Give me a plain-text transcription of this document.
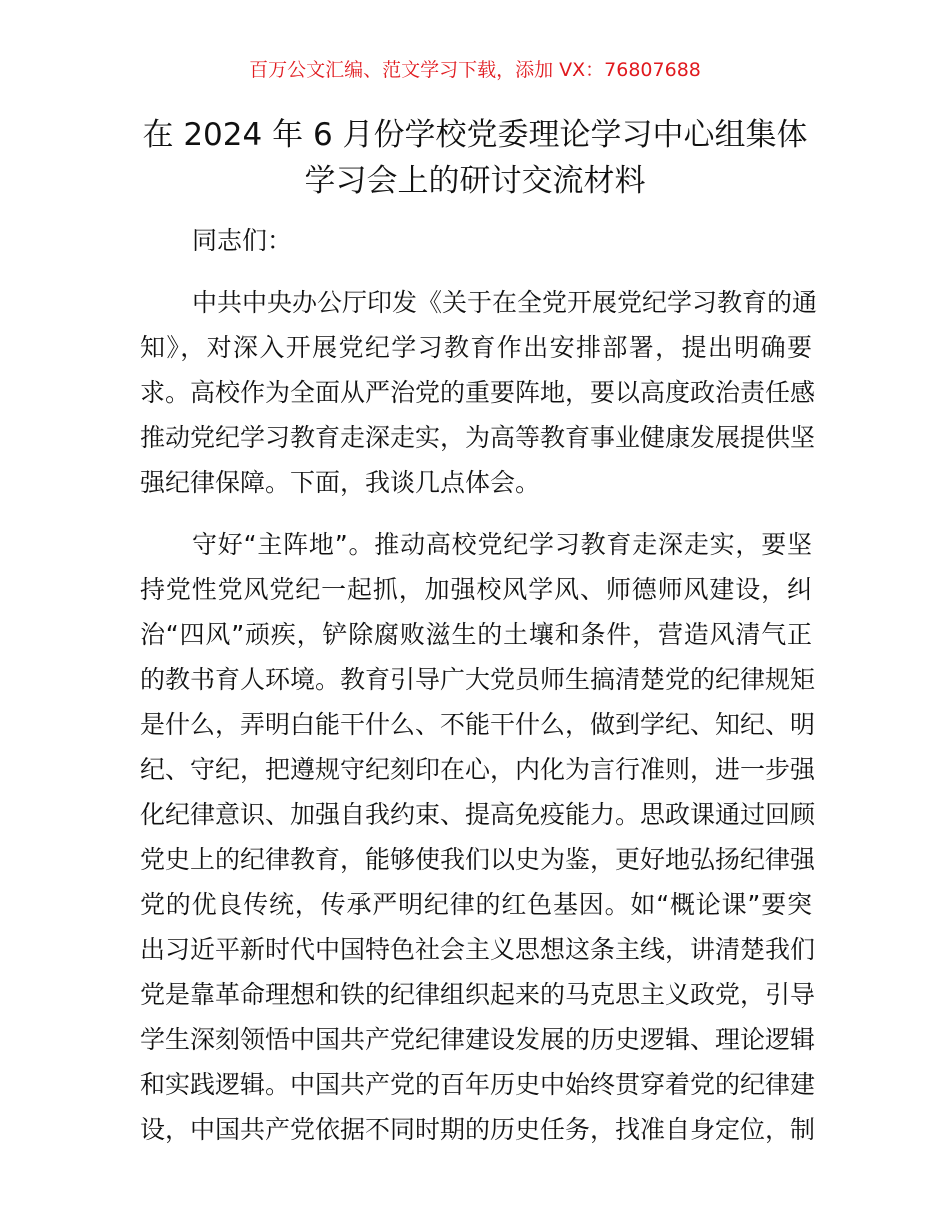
百万公文汇编、范文学习下载，添加 VX：76807688
在 2024 年 6 月份学校党委理论学习中心组集体
学习会上的研讨交流材料
同志们：
中共中央办公厅印发《关于在全党开展党纪学习教育的通
知》，对深入开展党纪学习教育作出安排部署，提出明确要
求。高校作为全面从严治党的重要阵地，要以高度政治责任感
推动党纪学习教育走深走实，为高等教育事业健康发展提供坚
强纪律保障。下面，我谈几点体会。
守好“主阵地”。推动高校党纪学习教育走深走实，要坚
持党性党风党纪一起抓，加强校风学风、师德师风建设，纠
治“四风”顽疾，铲除腐败滋生的土壤和条件，营造风清气正
的教书育人环境。教育引导广大党员师生搞清楚党的纪律规矩
是什么，弄明白能干什么、不能干什么，做到学纪、知纪、明
纪、守纪，把遵规守纪刻印在心，内化为言行准则，进一步强
化纪律意识、加强自我约束、提高免疫能力。思政课通过回顾
党史上的纪律教育，能够使我们以史为鉴，更好地弘扬纪律强
党的优良传统，传承严明纪律的红色基因。如“概论课”要突
出习近平新时代中国特色社会主义思想这条主线，讲清楚我们
党是靠革命理想和铁的纪律组织起来的马克思主义政党，引导
学生深刻领悟中国共产党纪律建设发展的历史逻辑、理论逻辑
和实践逻辑。中国共产党的百年历史中始终贯穿着党的纪律建
设，中国共产党依据不同时期的历史任务，找准自身定位，制
